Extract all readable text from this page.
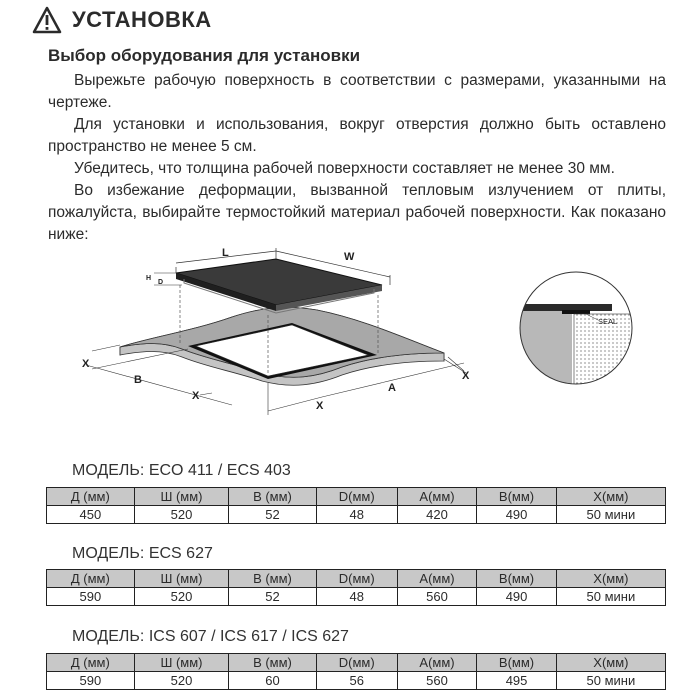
УСТАНОВКА
Выбор оборудования для установки

Вырежьте рабочую поверхность в соответствии с размерами, указанными на чертеже.

Для установки и использования, вокруг отверстия должно быть оставлено пространство не менее 5 см.

Убедитесь, что толщина рабочей поверхности составляет не менее 30 мм.

Во избежание деформации, вызванной тепловым излучением от плиты, пожалуйста, выбирайте термостойкий материал рабочей поверхности. Как показано ниже:

L	W
H
D
X
B
X
X
A
X
SEAL
МОДЕЛЬ: ECO 411 / ECS 403
Д (мм)	Ш (мм)	В (мм)	D(мм)	A(мм)	B(мм)	X(мм)
450	520	52	48	420	490	50 мини
МОДЕЛЬ: ECS 627
Д (мм)	Ш (мм)	В (мм)	D(мм)	A(мм)	B(мм)	X(мм)
590	520	52	48	560	490	50 мини
МОДЕЛЬ: ICS 607 / ICS 617 / ICS 627
Д (мм)	Ш (мм)	В (мм)	D(мм)	A(мм)	B(мм)	X(мм)
590	520	60	56	560	495	50 мини
